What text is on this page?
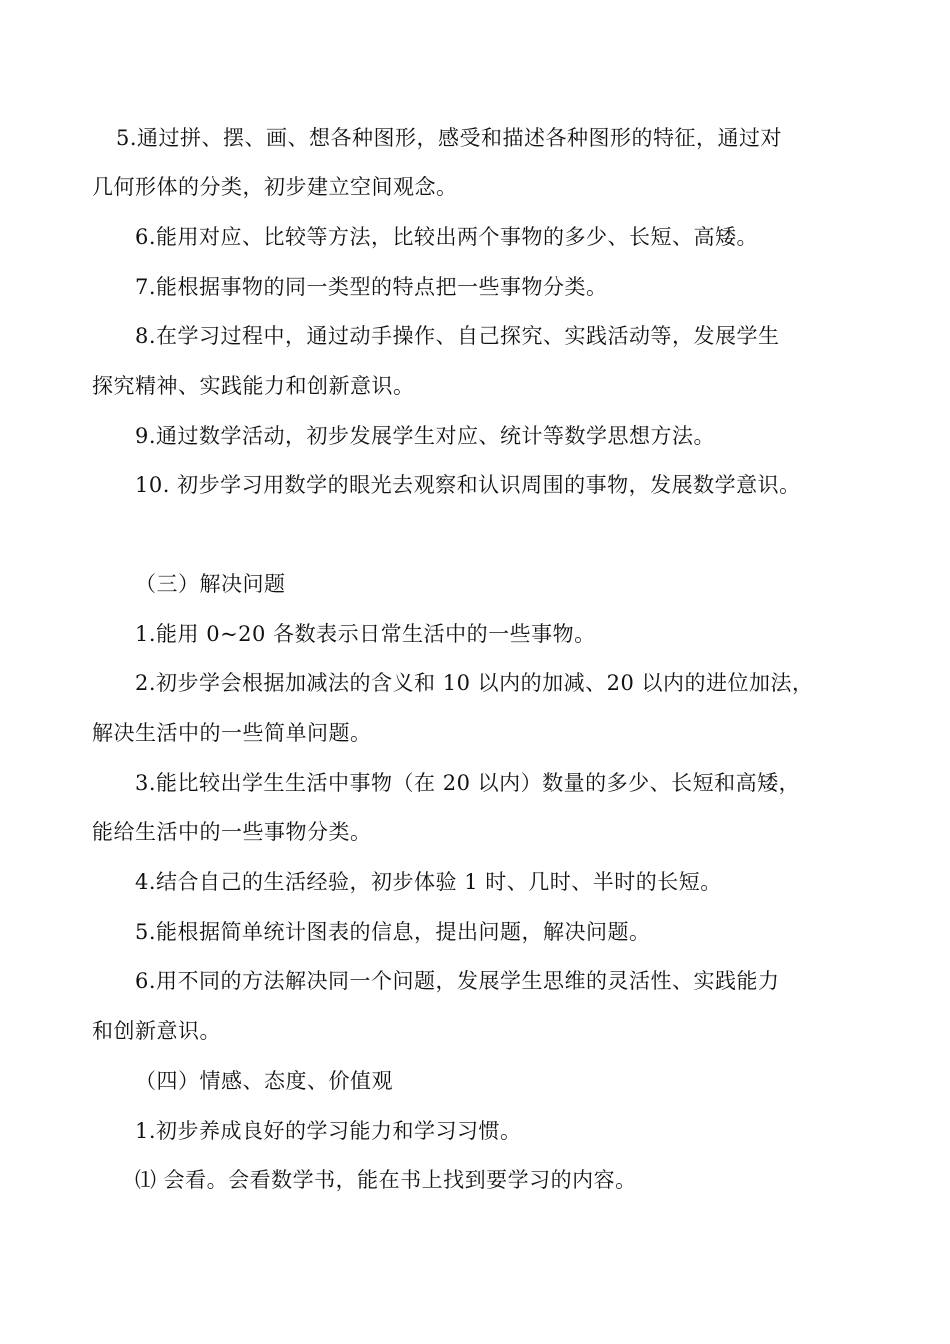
5.通过拼、摆、画、想各种图形，感受和描述各种图形的特征，通过对
几何形体的分类，初步建立空间观念。
6.能用对应、比较等方法，比较出两个事物的多少、长短、高矮。
7.能根据事物的同一类型的特点把一些事物分类。
8.在学习过程中，通过动手操作、自己探究、实践活动等，发展学生
探究精神、实践能力和创新意识。
9.通过数学活动，初步发展学生对应、统计等数学思想方法。
10. 初步学习用数学的眼光去观察和认识周围的事物，发展数学意识。
（三）解决问题
1.能用 0~20 各数表示日常生活中的一些事物。
2.初步学会根据加减法的含义和 10 以内的加减、20 以内的进位加法，
解决生活中的一些简单问题。
3.能比较出学生生活中事物（在 20 以内）数量的多少、长短和高矮，
能给生活中的一些事物分类。
4.结合自己的生活经验，初步体验 1 时、几时、半时的长短。
5.能根据简单统计图表的信息，提出问题，解决问题。
6.用不同的方法解决同一个问题，发展学生思维的灵活性、实践能力
和创新意识。
（四）情感、态度、价值观
1.初步养成良好的学习能力和学习习惯。
⑴ 会看。会看数学书，能在书上找到要学习的内容。
